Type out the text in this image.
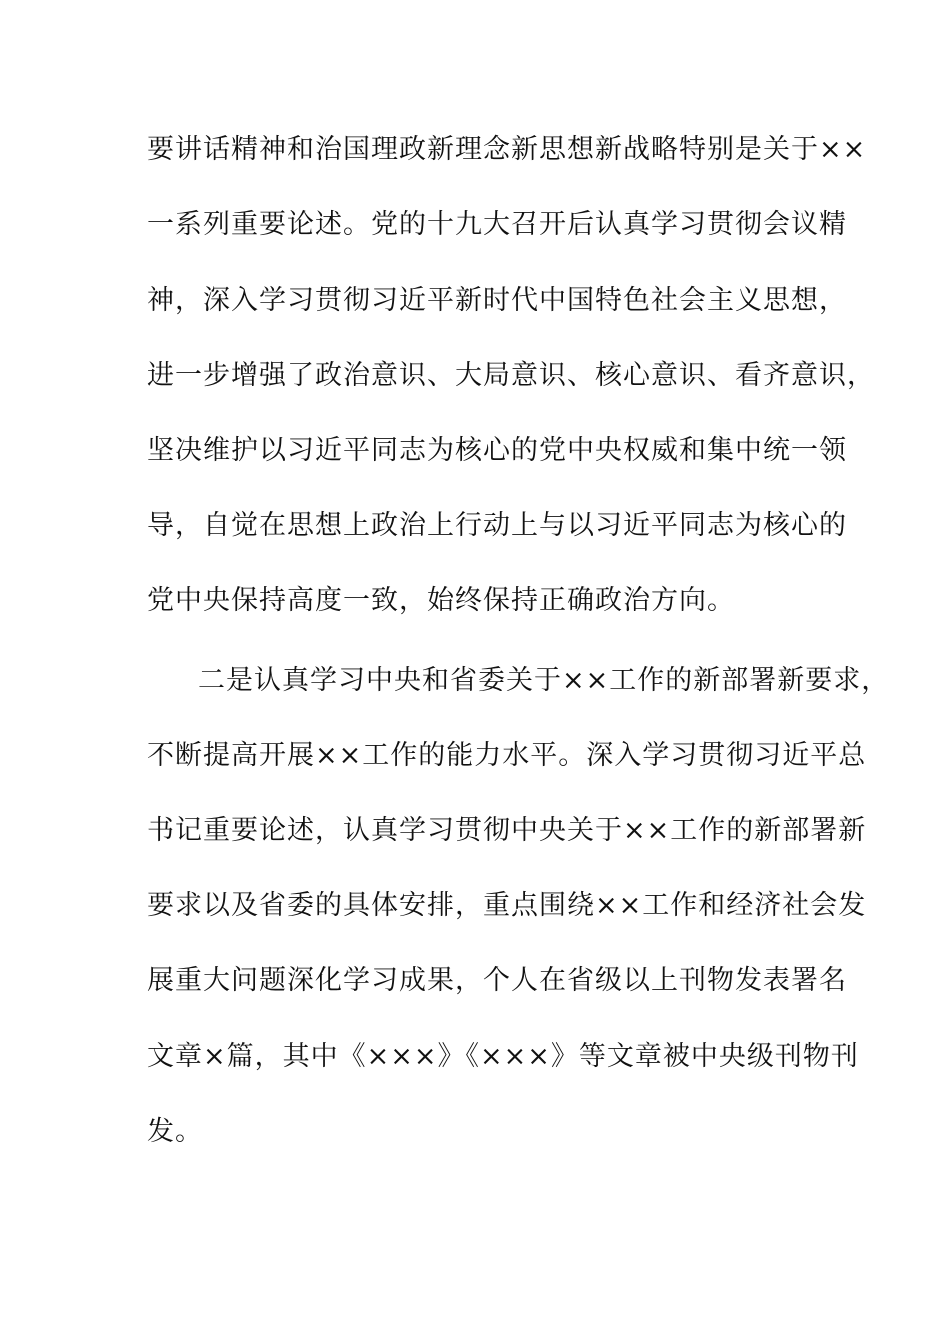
要讲话精神和治国理政新理念新思想新战略特别是关于××
一系列重要论述。党的十九大召开后认真学习贯彻会议精
神，深入学习贯彻习近平新时代中国特色社会主义思想，
进一步增强了政治意识、大局意识、核心意识、看齐意识，
坚决维护以习近平同志为核心的党中央权威和集中统一领
导，自觉在思想上政治上行动上与以习近平同志为核心的
党中央保持高度一致，始终保持正确政治方向。
二是认真学习中央和省委关于××工作的新部署新要求，
不断提高开展××工作的能力水平。深入学习贯彻习近平总
书记重要论述，认真学习贯彻中央关于××工作的新部署新
要求以及省委的具体安排，重点围绕××工作和经济社会发
展重大问题深化学习成果，个人在省级以上刊物发表署名
文章×篇，其中《×××》《×××》等文章被中央级刊物刊
发。
